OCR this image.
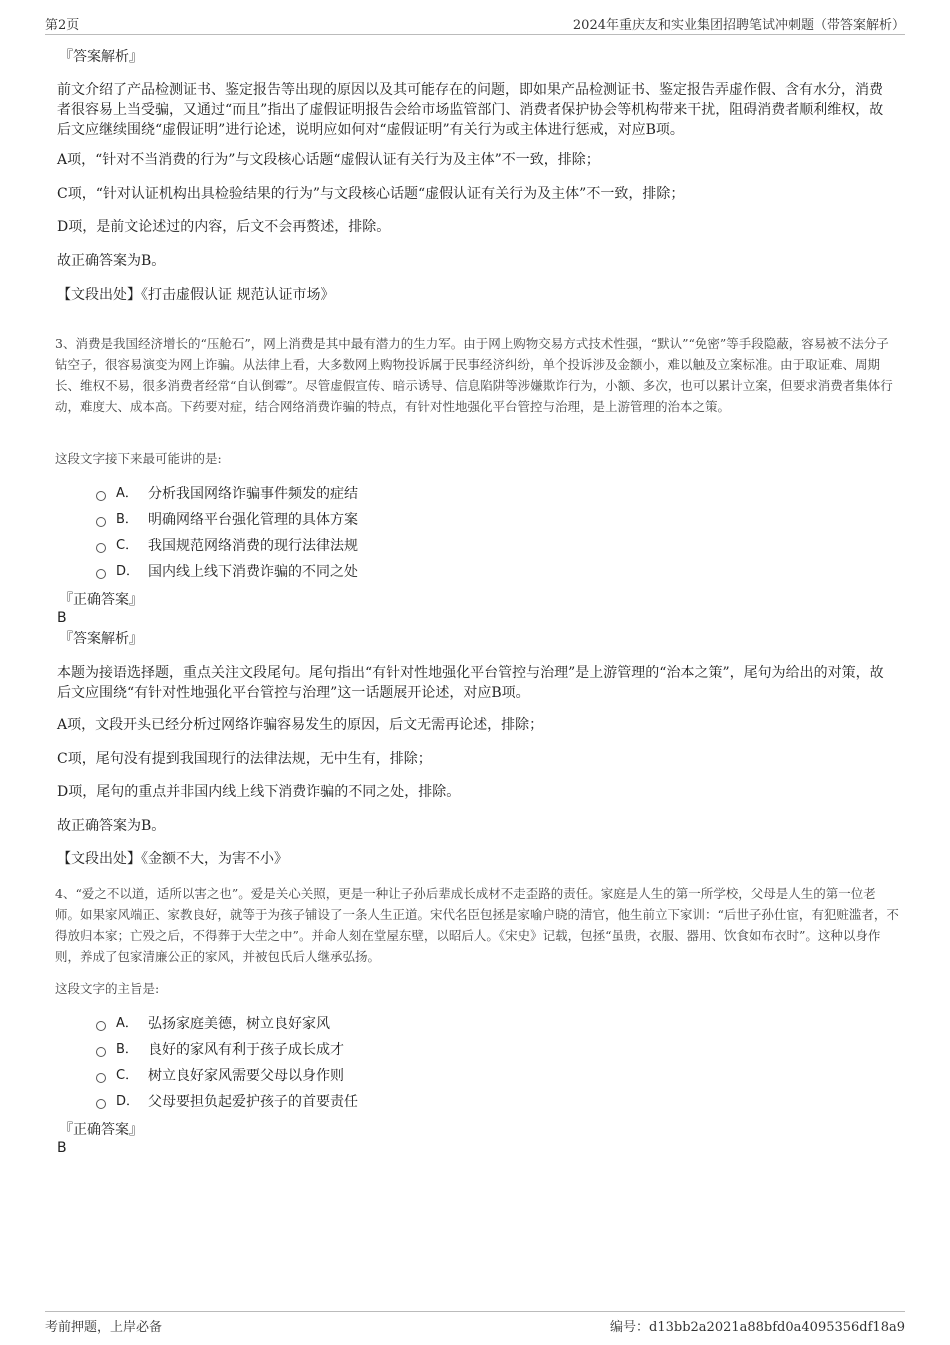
第2页	2024年重庆友和实业集团招聘笔试冲刺题（带答案解析）
『答案解析』
前文介绍了产品检测证书、鉴定报告等出现的原因以及其可能存在的问题，即如果产品检测证书、鉴定报告弄虚作假、含有水分，消费者很容易上当受骗，又通过“而且”指出了虚假证明报告会给市场监管部门、消费者保护协会等机构带来干扰，阻碍消费者顺利维权，故后文应继续围绕“虚假证明”进行论述，说明应如何对“虚假证明”有关行为或主体进行惩戒，对应B项。
A项，“针对不当消费的行为”与文段核心话题“虚假认证有关行为及主体”不一致，排除；
C项，“针对认证机构出具检验结果的行为”与文段核心话题“虚假认证有关行为及主体”不一致，排除；
D项，是前文论述过的内容，后文不会再赘述，排除。
故正确答案为B。
【文段出处】《打击虚假认证 规范认证市场》
3、消费是我国经济增长的“压舱石”，网上消费是其中最有潜力的生力军。由于网上购物交易方式技术性强，“默认”“免密”等手段隐蔽，容易被不法分子钻空子，很容易演变为网上诈骗。从法律上看，大多数网上购物投诉属于民事经济纠纷，单个投诉涉及金额小，难以触及立案标准。由于取证难、周期长、维权不易，很多消费者经常“自认倒霉”。尽管虚假宣传、暗示诱导、信息陷阱等涉嫌欺诈行为，小额、多次，也可以累计立案，但要求消费者集体行动，难度大、成本高。下药要对症，结合网络消费诈骗的特点，有针对性地强化平台管控与治理，是上游管理的治本之策。
这段文字接下来最可能讲的是:
A． 分析我国网络诈骗事件频发的症结
B． 明确网络平台强化管理的具体方案
C． 我国规范网络消费的现行法律法规
D． 国内线上线下消费诈骗的不同之处
『正确答案』
B
『答案解析』
本题为接语选择题，重点关注文段尾句。尾句指出“有针对性地强化平台管控与治理”是上游管理的“治本之策”，尾句为给出的对策，故后文应围绕“有针对性地强化平台管控与治理”这一话题展开论述，对应B项。
A项，文段开头已经分析过网络诈骗容易发生的原因，后文无需再论述，排除；
C项，尾句没有提到我国现行的法律法规，无中生有，排除；
D项，尾句的重点并非国内线上线下消费诈骗的不同之处，排除。
故正确答案为B。
【文段出处】《金额不大，为害不小》
4、“爱之不以道，适所以害之也”。爱是关心关照，更是一种让子孙后辈成长成材不走歪路的责任。家庭是人生的第一所学校，父母是人生的第一位老师。如果家风端正、家教良好，就等于为孩子铺设了一条人生正道。宋代名臣包拯是家喻户晓的清官，他生前立下家训：“后世子孙仕宦，有犯赃滥者，不得放归本家；亡殁之后，不得葬于大茔之中”。并命人刻在堂屋东壁，以昭后人。《宋史》记载，包拯“虽贵，衣服、器用、饮食如布衣时”。这种以身作则，养成了包家清廉公正的家风，并被包氏后人继承弘扬。
这段文字的主旨是:
A． 弘扬家庭美德，树立良好家风
B． 良好的家风有利于孩子成长成才
C． 树立良好家风需要父母以身作则
D． 父母要担负起爱护孩子的首要责任
『正确答案』
B
考前押题，上岸必备	编号：d13bb2a2021a88bfd0a4095356df18a9
